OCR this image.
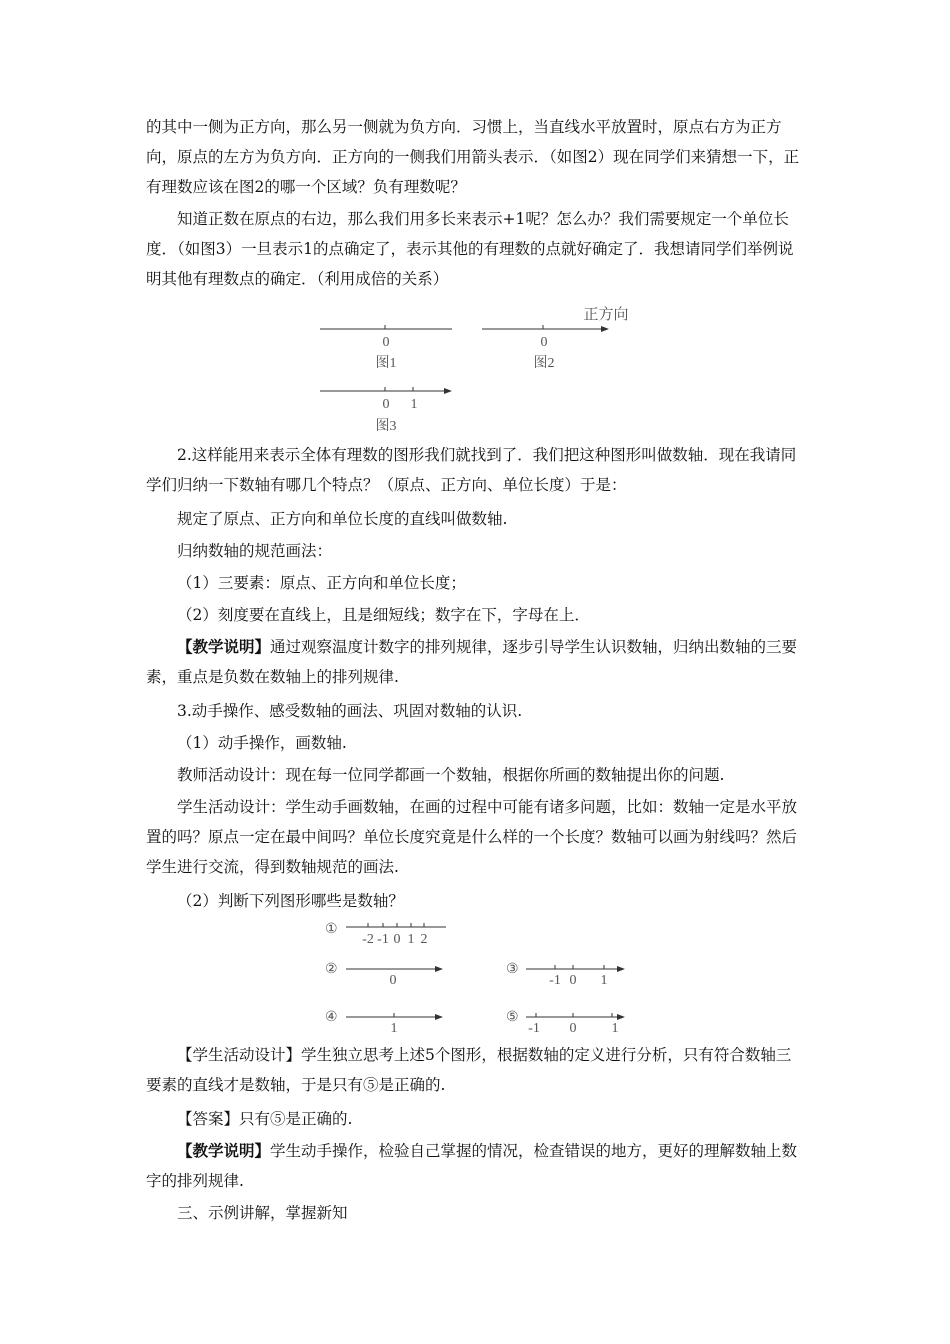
的其中一侧为正方向，那么另一侧就为负方向．习惯上，当直线水平放置时，原点右方为正方向，原点的左方为负方向．正方向的一侧我们用箭头表示．（如图2）现在同学们来猜想一下，正有理数应该在图2的哪一个区域？负有理数呢？

知道正数在原点的右边，那么我们用多长来表示+1呢？怎么办？我们需要规定一个单位长度．（如图3）一旦表示1的点确定了，表示其他的有理数的点就好确定了．我想请同学们举例说明其他有理数点的确定．（利用成倍的关系）

0
图1
0
图2
正方向
0 1
图3

2.这样能用来表示全体有理数的图形我们就找到了．我们把这种图形叫做数轴．现在我请同学们归纳一下数轴有哪几个特点？（原点、正方向、单位长度）于是：

规定了原点、正方向和单位长度的直线叫做数轴.

归纳数轴的规范画法：

（1）三要素：原点、正方向和单位长度；

（2）刻度要在直线上，且是细短线；数字在下，字母在上．

【教学说明】通过观察温度计数字的排列规律，逐步引导学生认识数轴，归纳出数轴的三要素，重点是负数在数轴上的排列规律.

3.动手操作、感受数轴的画法、巩固对数轴的认识.

（1）动手操作，画数轴.

教师活动设计：现在每一位同学都画一个数轴，根据你所画的数轴提出你的问题.

学生活动设计：学生动手画数轴，在画的过程中可能有诸多问题，比如：数轴一定是水平放置的吗？原点一定在最中间吗？单位长度究竟是什么样的一个长度？数轴可以画为射线吗？然后学生进行交流，得到数轴规范的画法.

（2）判断下列图形哪些是数轴？

①
②	③
④	⑤
-2 -1 0 1 2
0	-1 0 1
1	-1 0	1

【学生活动设计】学生独立思考上述5个图形，根据数轴的定义进行分析，只有符合数轴三要素的直线才是数轴，于是只有⑤是正确的.

【答案】只有⑤是正确的.

【教学说明】学生动手操作，检验自己掌握的情况，检查错误的地方，更好的理解数轴上数字的排列规律.

三、示例讲解，掌握新知
